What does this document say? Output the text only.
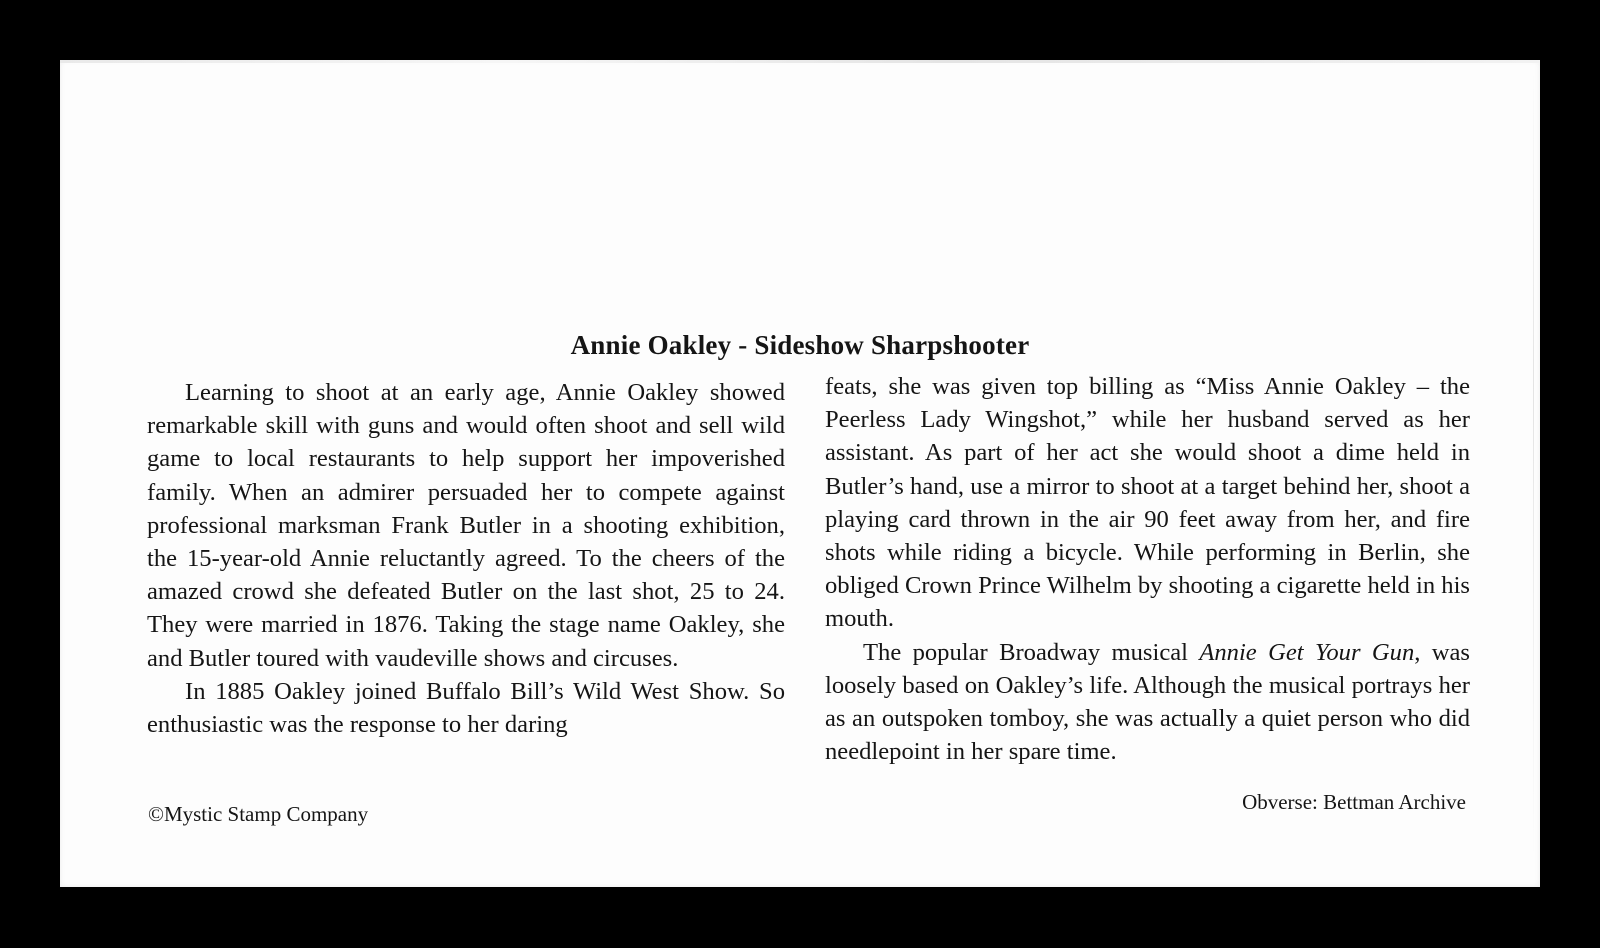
Annie Oakley - Sideshow Sharpshooter

Learning to shoot at an early age, Annie Oakley showed remarkable skill with guns and would often shoot and sell wild game to local restaurants to help support her impoverished family. When an admirer persuaded her to compete against professional marksman Frank Butler in a shooting exhibition, the 15-year-old Annie reluctantly agreed. To the cheers of the amazed crowd she defeated Butler on the last shot, 25 to 24. They were married in 1876. Taking the stage name Oakley, she and Butler toured with vaudeville shows and circuses.

In 1885 Oakley joined Buffalo Bill’s Wild West Show. So enthusiastic was the response to her daring

feats, she was given top billing as “Miss Annie Oakley – the Peerless Lady Wingshot,” while her husband served as her assistant. As part of her act she would shoot a dime held in Butler’s hand, use a mirror to shoot at a target behind her, shoot a playing card thrown in the air 90 feet away from her, and fire shots while riding a bicycle. While performing in Berlin, she obliged Crown Prince Wilhelm by shooting a cigarette held in his mouth.

The popular Broadway musical Annie Get Your Gun, was loosely based on Oakley’s life. Although the musical portrays her as an outspoken tomboy, she was actually a quiet person who did needlepoint in her spare time.

©Mystic Stamp Company	Obverse: Bettman Archive
